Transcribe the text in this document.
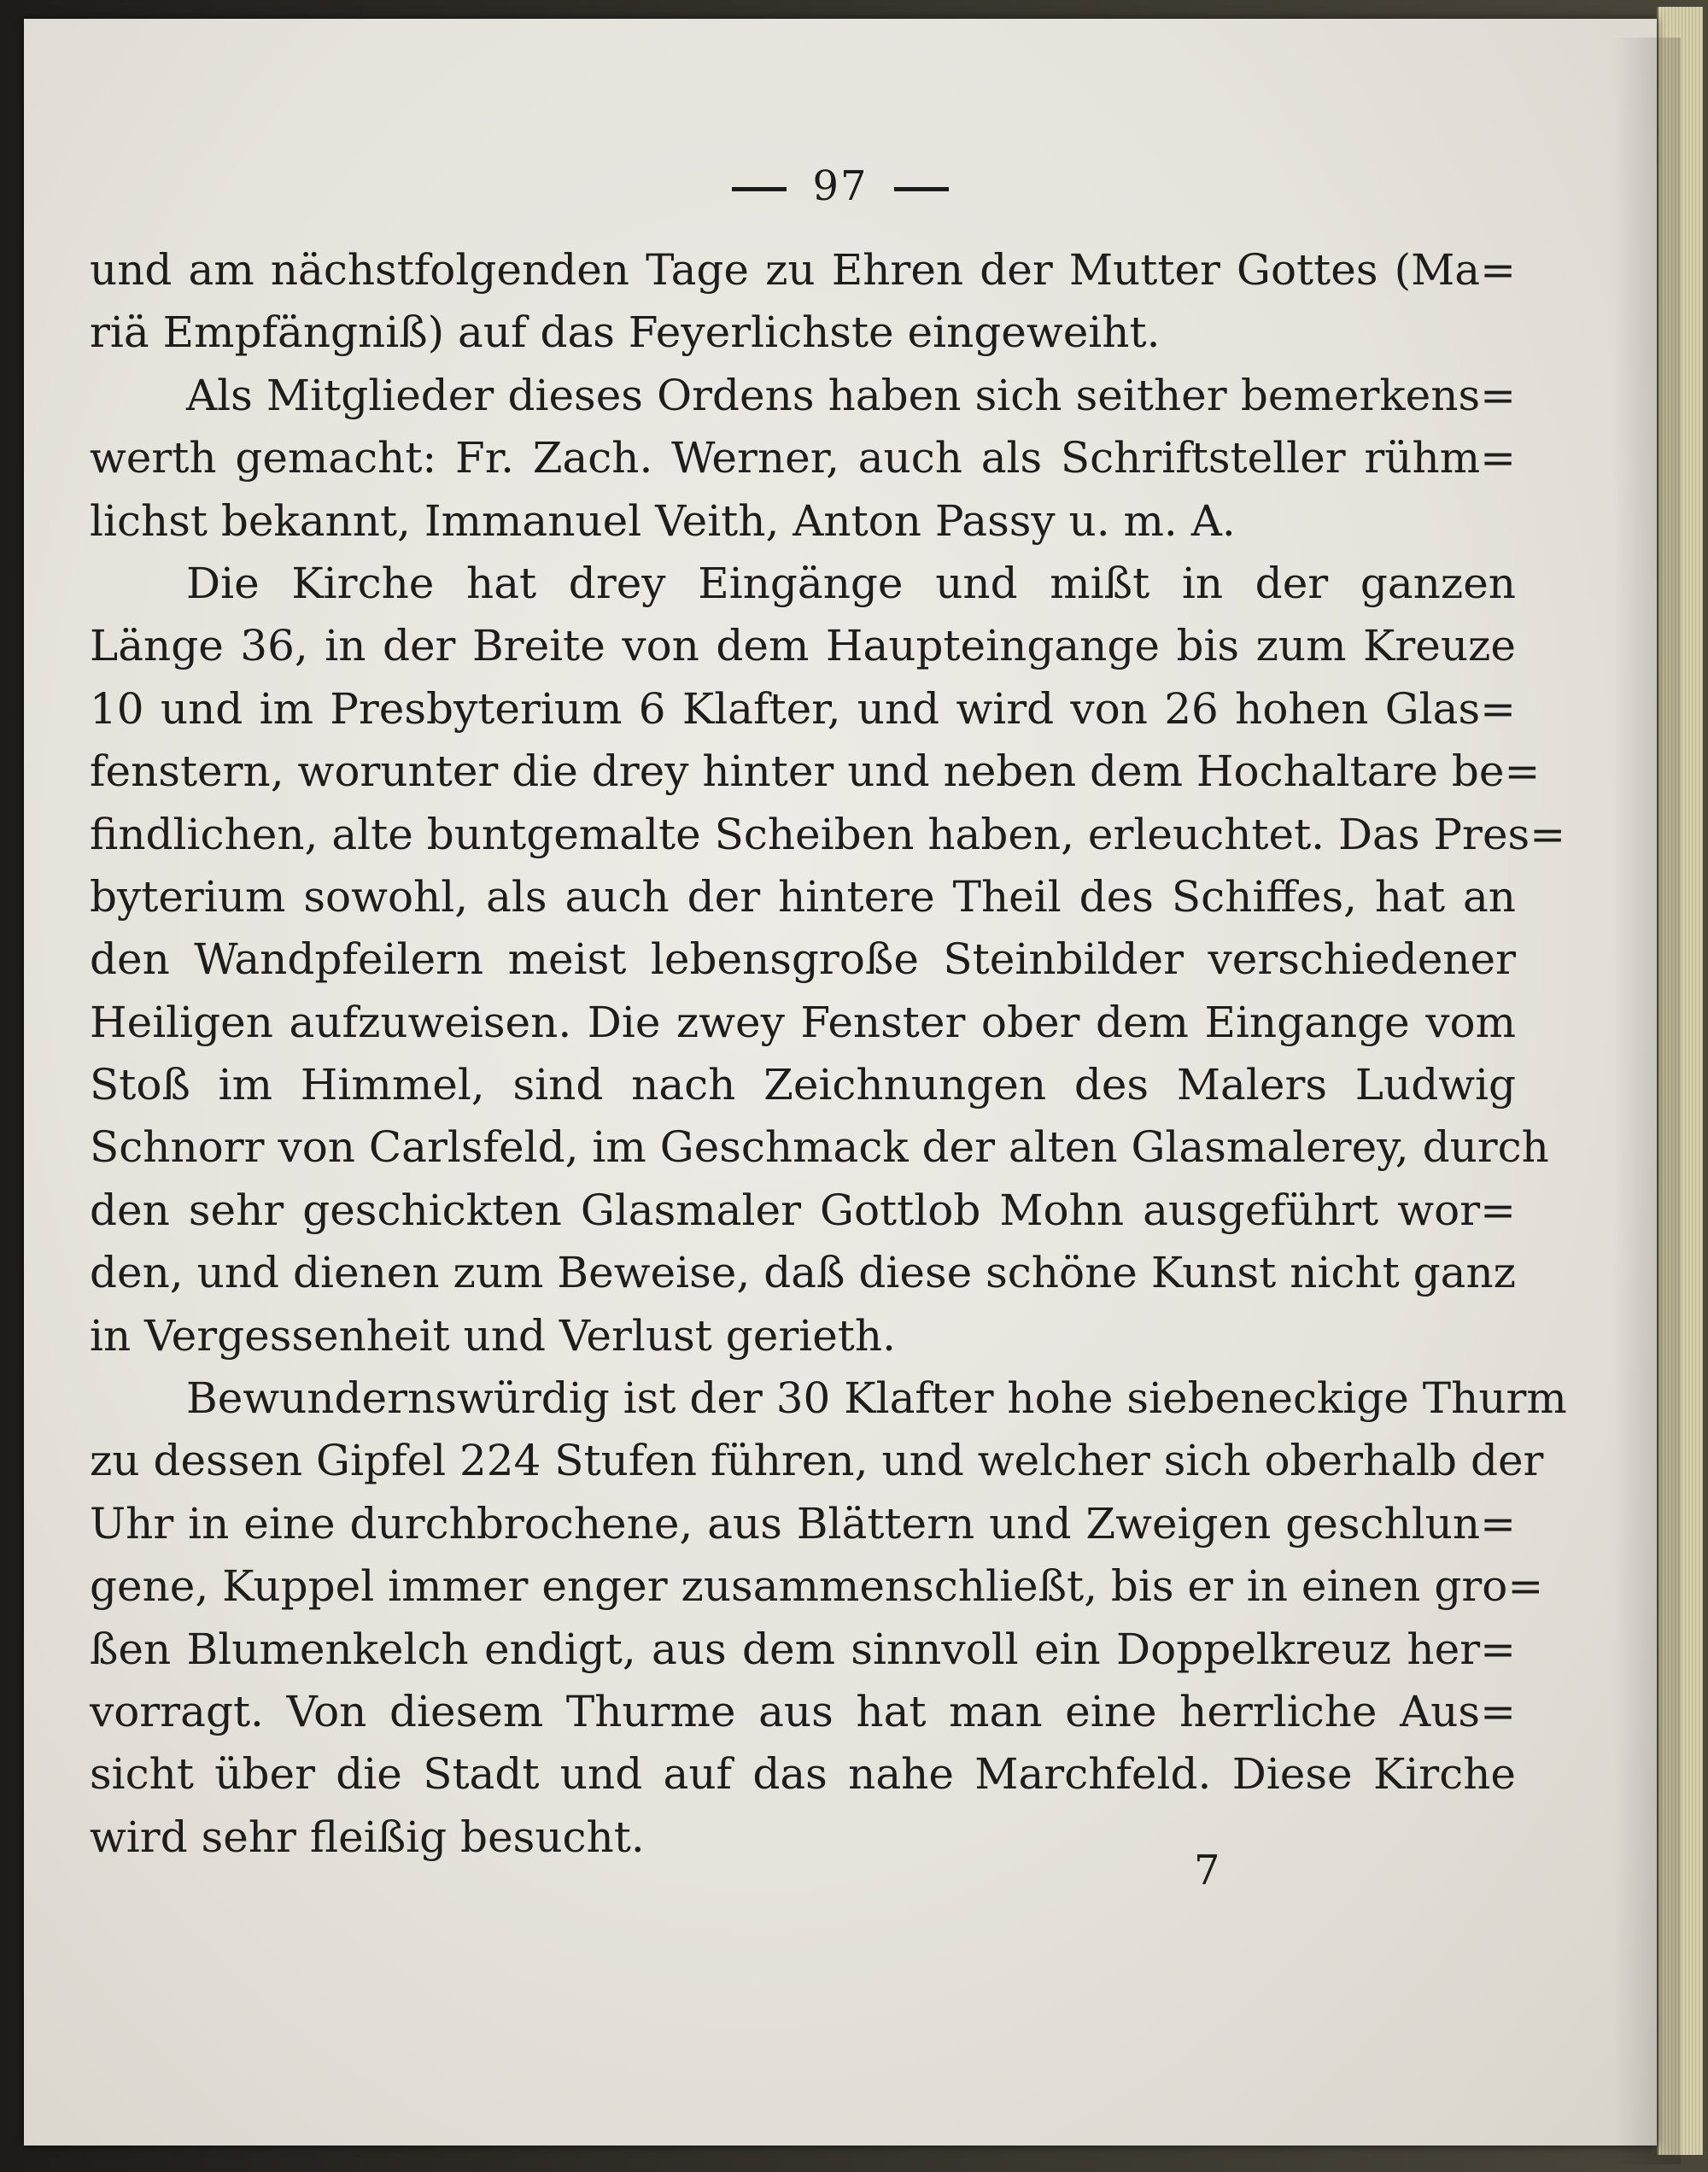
97
und am nächstfolgenden Tage zu Ehren der Mutter Gottes (Ma=
riä Empfängniß) auf das Feyerlichste eingeweiht.
Als Mitglieder dieses Ordens haben sich seither bemerkens=
werth gemacht: Fr. Zach. Werner, auch als Schriftsteller rühm=
lichst bekannt, Immanuel Veith, Anton Passy u. m. A.
Die Kirche hat drey Eingänge und mißt in der ganzen
Länge 36, in der Breite von dem Haupteingange bis zum Kreuze
10 und im Presbyterium 6 Klafter, und wird von 26 hohen Glas=
fenstern, worunter die drey hinter und neben dem Hochaltare be=
findlichen, alte buntgemalte Scheiben haben, erleuchtet. Das Pres=
byterium sowohl, als auch der hintere Theil des Schiffes, hat an
den Wandpfeilern meist lebensgroße Steinbilder verschiedener
Heiligen aufzuweisen. Die zwey Fenster ober dem Eingange vom
Stoß im Himmel, sind nach Zeichnungen des Malers Ludwig
Schnorr von Carlsfeld, im Geschmack der alten Glasmalerey, durch
den sehr geschickten Glasmaler Gottlob Mohn ausgeführt wor=
den, und dienen zum Beweise, daß diese schöne Kunst nicht ganz
in Vergessenheit und Verlust gerieth.
Bewundernswürdig ist der 30 Klafter hohe siebeneckige Thurm
zu dessen Gipfel 224 Stufen führen, und welcher sich oberhalb der
Uhr in eine durchbrochene, aus Blättern und Zweigen geschlun=
gene, Kuppel immer enger zusammenschließt, bis er in einen gro=
ßen Blumenkelch endigt, aus dem sinnvoll ein Doppelkreuz her=
vorragt. Von diesem Thurme aus hat man eine herrliche Aus=
sicht über die Stadt und auf das nahe Marchfeld. Diese Kirche
wird sehr fleißig besucht.
7
